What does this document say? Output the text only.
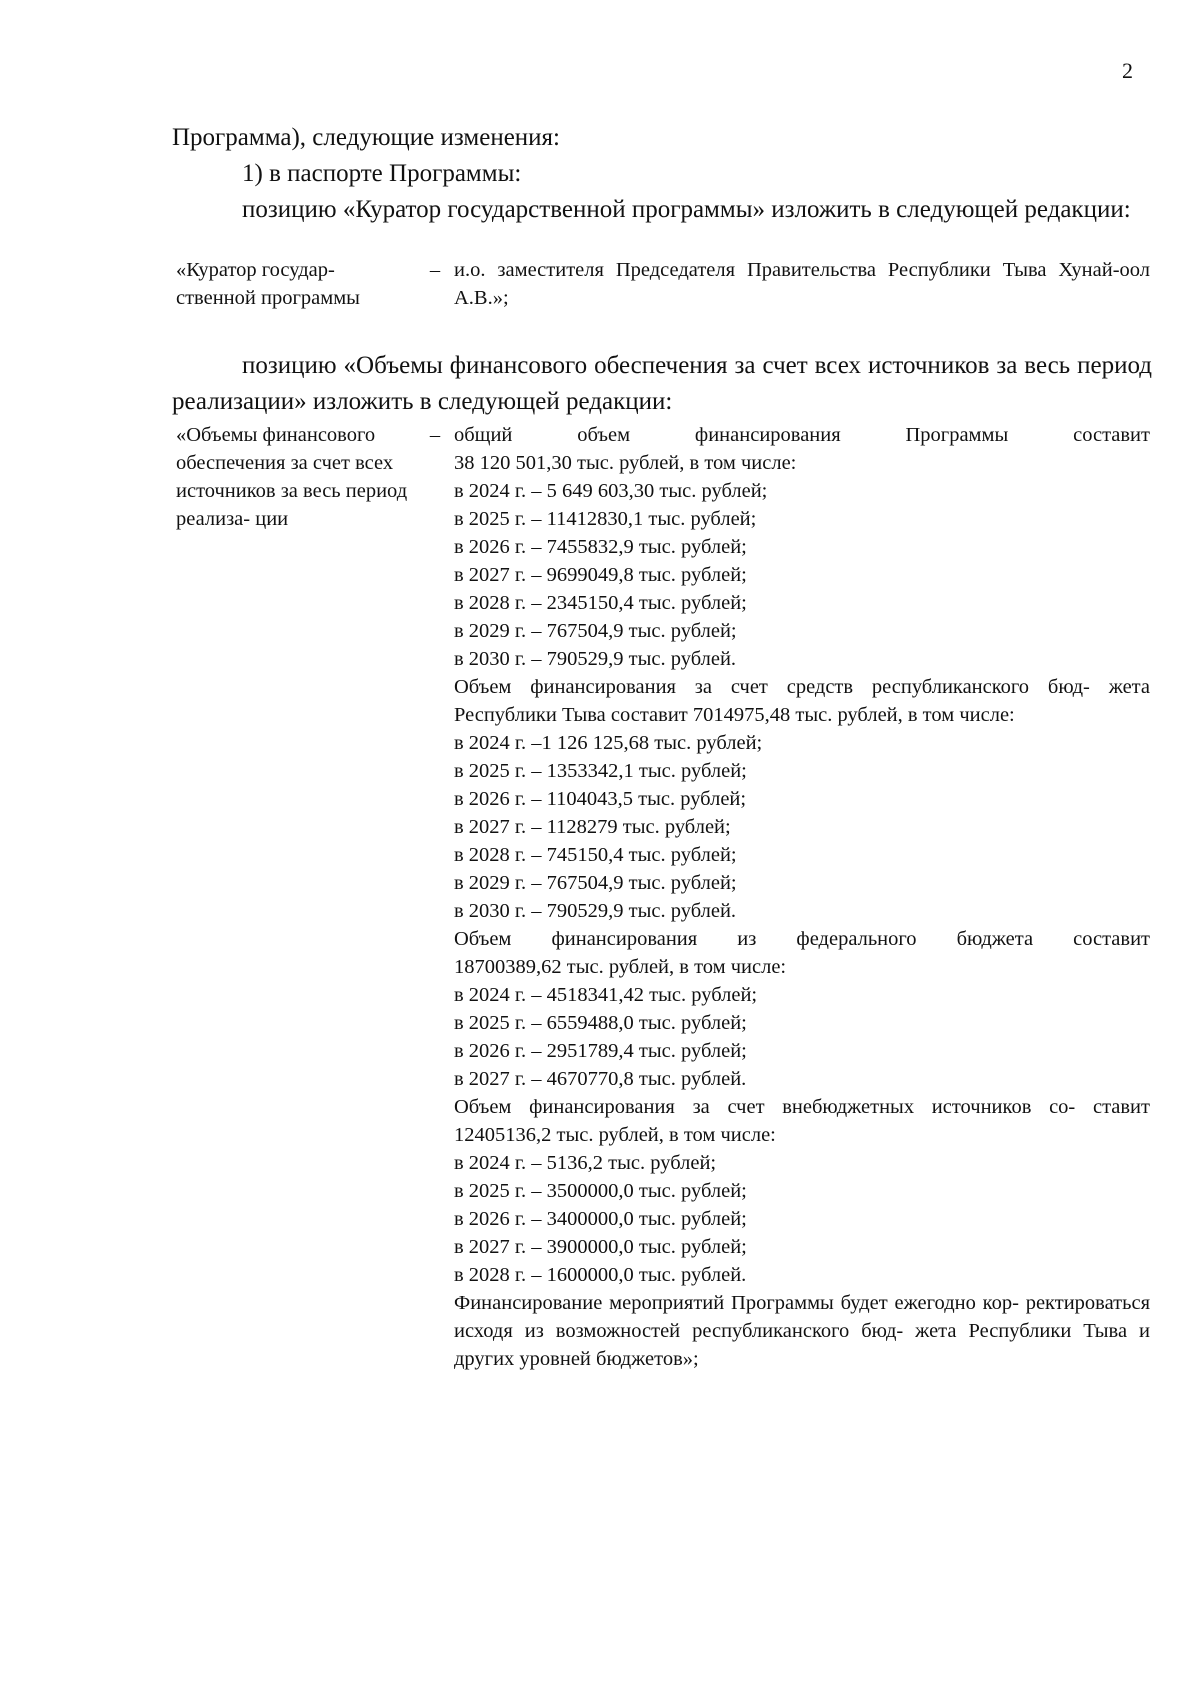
2

Программа), следующие изменения:

1) в паспорте Программы:

позицию «Куратор государственной программы» изложить в следующей редакции:

«Куратор государ- ственной программы
– и.о. заместителя Председателя Правительства Республики Тыва Хунай-оол А.В.»;

позицию «Объемы финансового обеспечения за счет всех источников за весь период реализации» изложить в следующей редакции:

«Объемы финансового обеспечения за счет всех источников за весь период реализа- ции
– общий объем финансирования Программы составит

38 120 501,30 тыс. рублей, в том числе:

в 2024 г. – 5 649 603,30 тыс. рублей;

в 2025 г. – 11412830,1 тыс. рублей;

в 2026 г. – 7455832,9 тыс. рублей;

в 2027 г. – 9699049,8 тыс. рублей;

в 2028 г. – 2345150,4 тыс. рублей;

в 2029 г. – 767504,9 тыс. рублей;

в 2030 г. – 790529,9 тыс. рублей.

Объем финансирования за счет средств республиканского бюд- жета Республики Тыва составит 7014975,48 тыс. рублей, в том числе:

в 2024 г. –1 126 125,68 тыс. рублей;

в 2025 г. – 1353342,1 тыс. рублей;

в 2026 г. – 1104043,5 тыс. рублей;

в 2027 г. – 1128279 тыс. рублей;

в 2028 г. – 745150,4 тыс. рублей;

в 2029 г. – 767504,9 тыс. рублей;

в 2030 г. – 790529,9 тыс. рублей.

Объем финансирования из федерального бюджета составит

18700389,62 тыс. рублей, в том числе:

в 2024 г. – 4518341,42 тыс. рублей;

в 2025 г. – 6559488,0 тыс. рублей;

в 2026 г. – 2951789,4 тыс. рублей;

в 2027 г. – 4670770,8 тыс. рублей.

Объем финансирования за счет внебюджетных источников со- ставит 12405136,2 тыс. рублей, в том числе:

в 2024 г. – 5136,2 тыс. рублей;

в 2025 г. – 3500000,0 тыс. рублей;

в 2026 г. – 3400000,0 тыс. рублей;

в 2027 г. – 3900000,0 тыс. рублей;

в 2028 г. – 1600000,0 тыс. рублей.

Финансирование мероприятий Программы будет ежегодно кор- ректироваться исходя из возможностей республиканского бюд- жета Республики Тыва и других уровней бюджетов»;
